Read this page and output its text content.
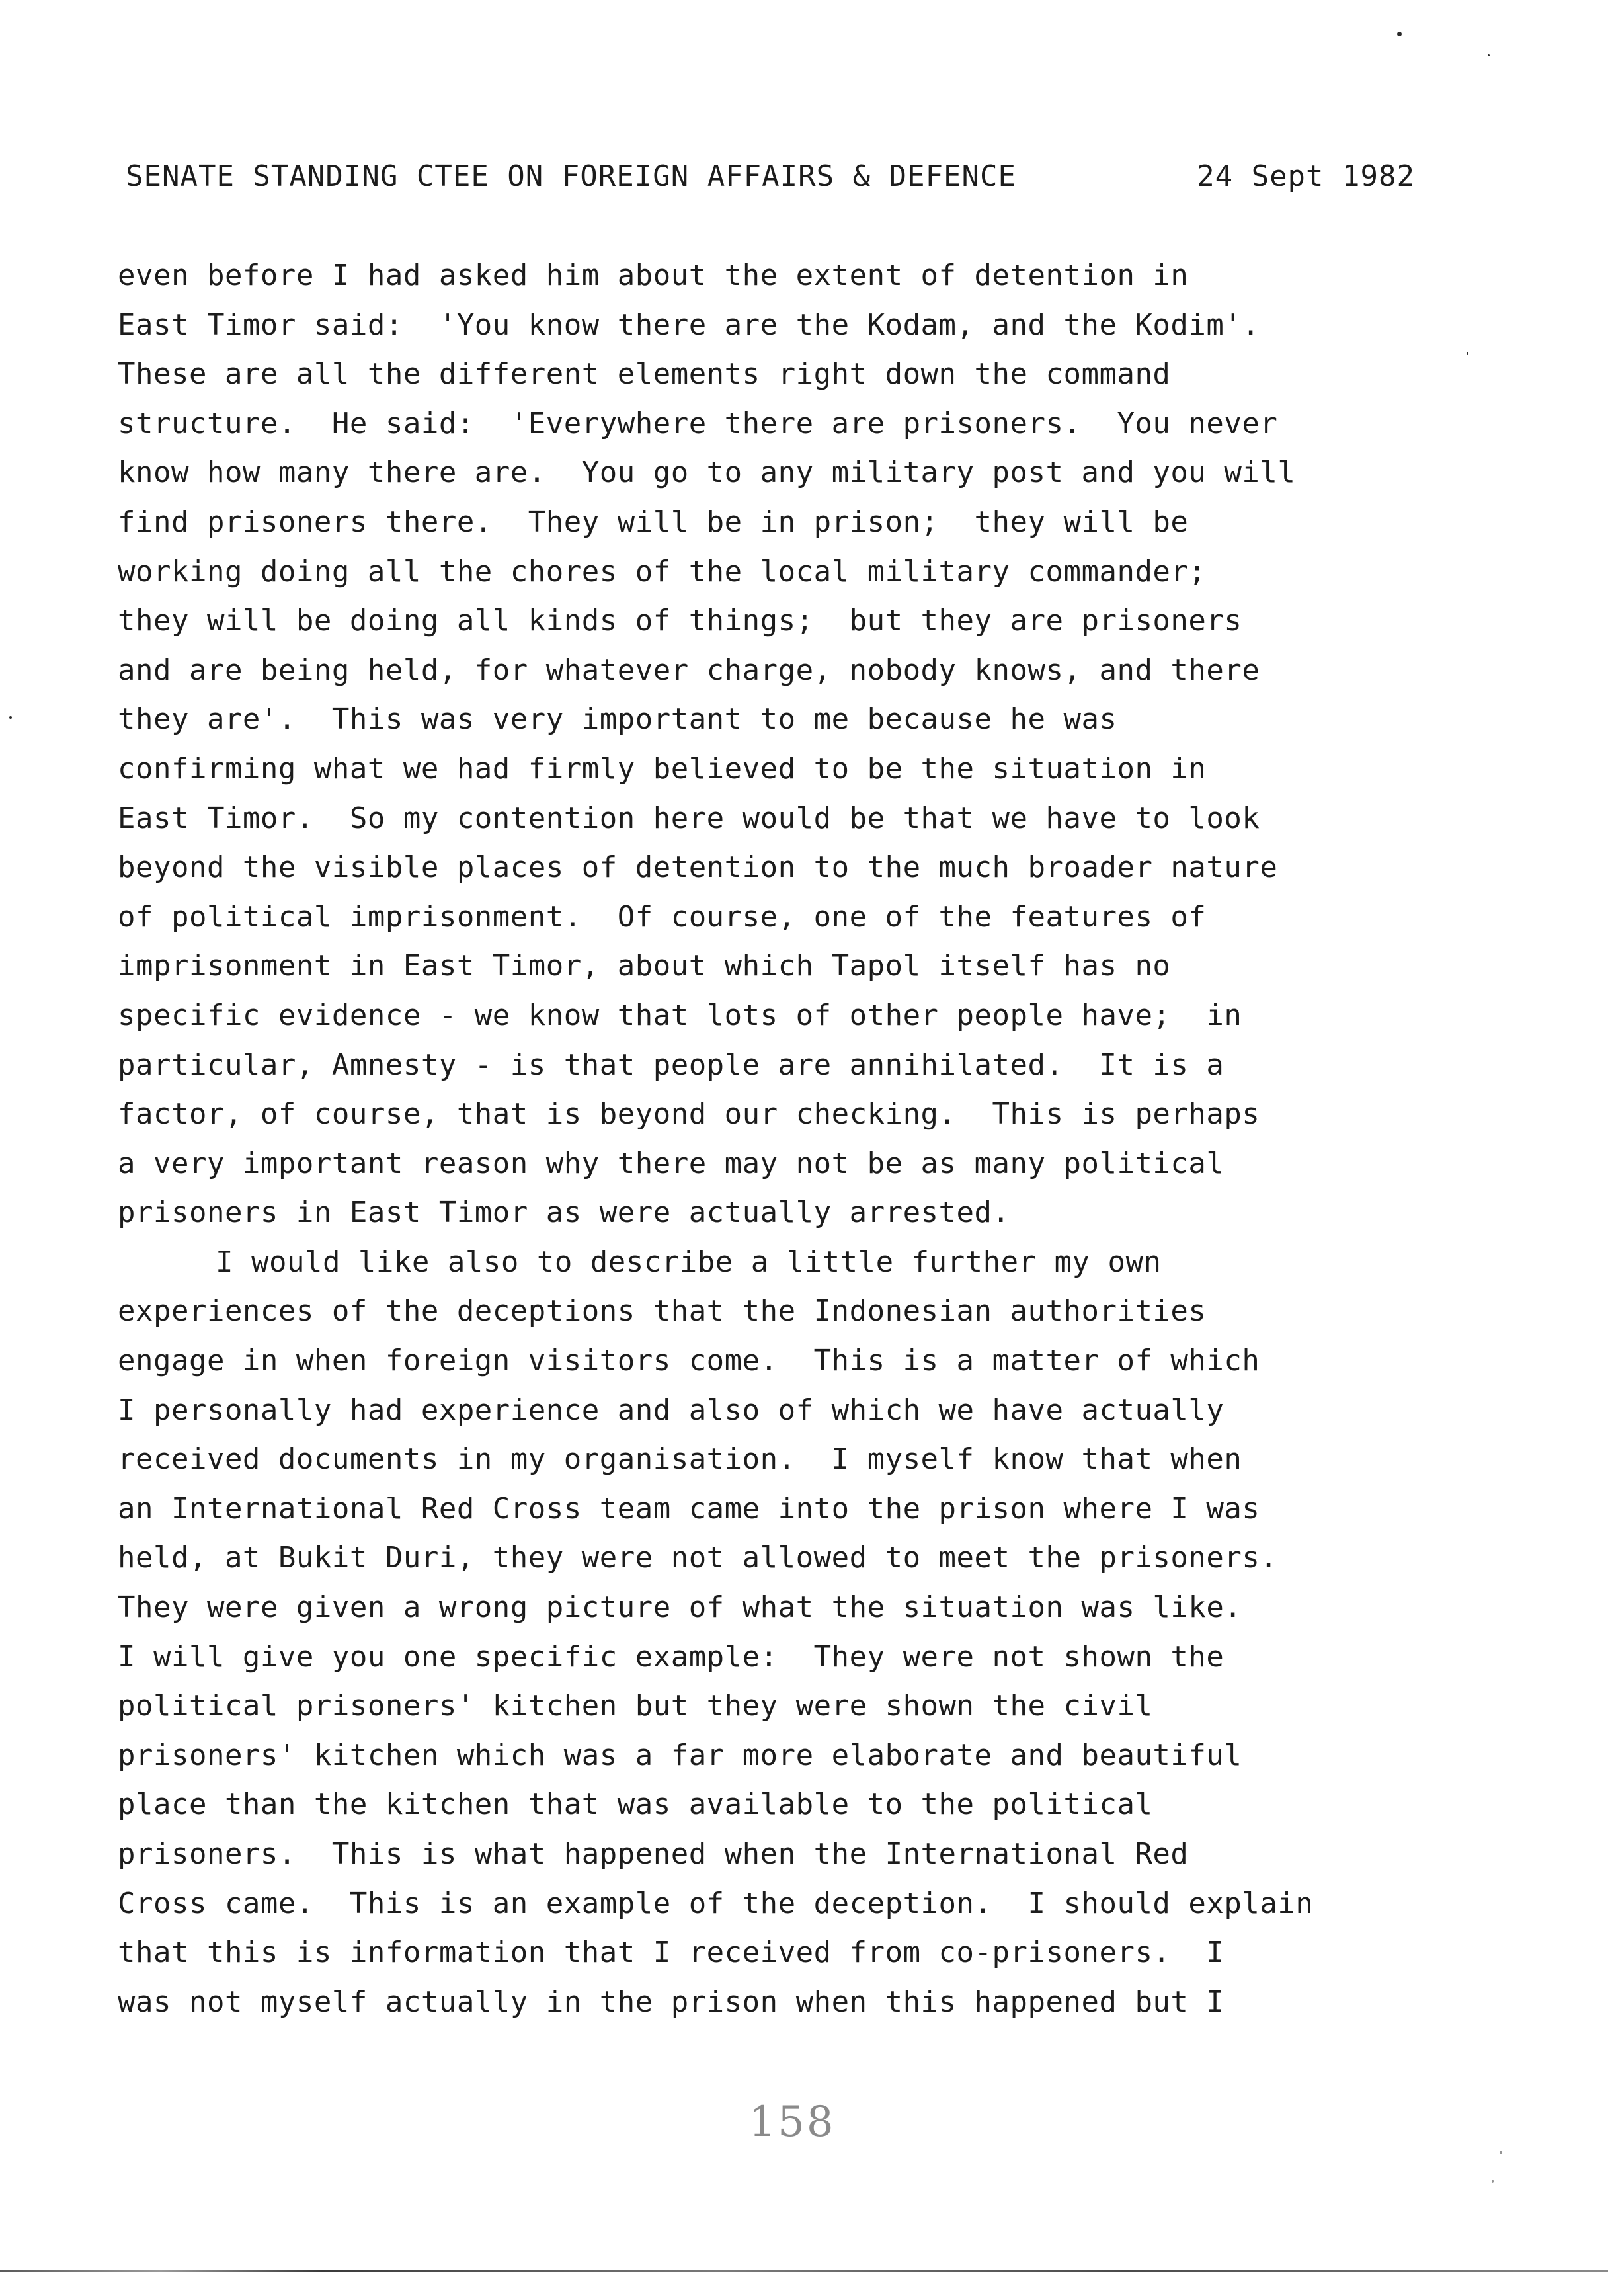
SENATE STANDING CTEE ON FOREIGN AFFAIRS & DEFENCE	24 Sept 1982
even before I had asked him about the extent of detention in
East Timor said:  'You know there are the Kodam, and the Kodim'.
These are all the different elements right down the command
structure.  He said:  'Everywhere there are prisoners.  You never
know how many there are.  You go to any military post and you will
find prisoners there.  They will be in prison;  they will be
working doing all the chores of the local military commander;
they will be doing all kinds of things;  but they are prisoners
and are being held, for whatever charge, nobody knows, and there
they are'.  This was very important to me because he was
confirming what we had firmly believed to be the situation in
East Timor.  So my contention here would be that we have to look
beyond the visible places of detention to the much broader nature
of political imprisonment.  Of course, one of the features of
imprisonment in East Timor, about which Tapol itself has no
specific evidence - we know that lots of other people have;  in
particular, Amnesty - is that people are annihilated.  It is a
factor, of course, that is beyond our checking.  This is perhaps
a very important reason why there may not be as many political
prisoners in East Timor as were actually arrested.
I would like also to describe a little further my own
experiences of the deceptions that the Indonesian authorities
engage in when foreign visitors come.  This is a matter of which
I personally had experience and also of which we have actually
received documents in my organisation.  I myself know that when
an International Red Cross team came into the prison where I was
held, at Bukit Duri, they were not allowed to meet the prisoners.
They were given a wrong picture of what the situation was like.
I will give you one specific example:  They were not shown the
political prisoners' kitchen but they were shown the civil
prisoners' kitchen which was a far more elaborate and beautiful
place than the kitchen that was available to the political
prisoners.  This is what happened when the International Red
Cross came.  This is an example of the deception.  I should explain
that this is information that I received from co-prisoners.  I
was not myself actually in the prison when this happened but I
158
